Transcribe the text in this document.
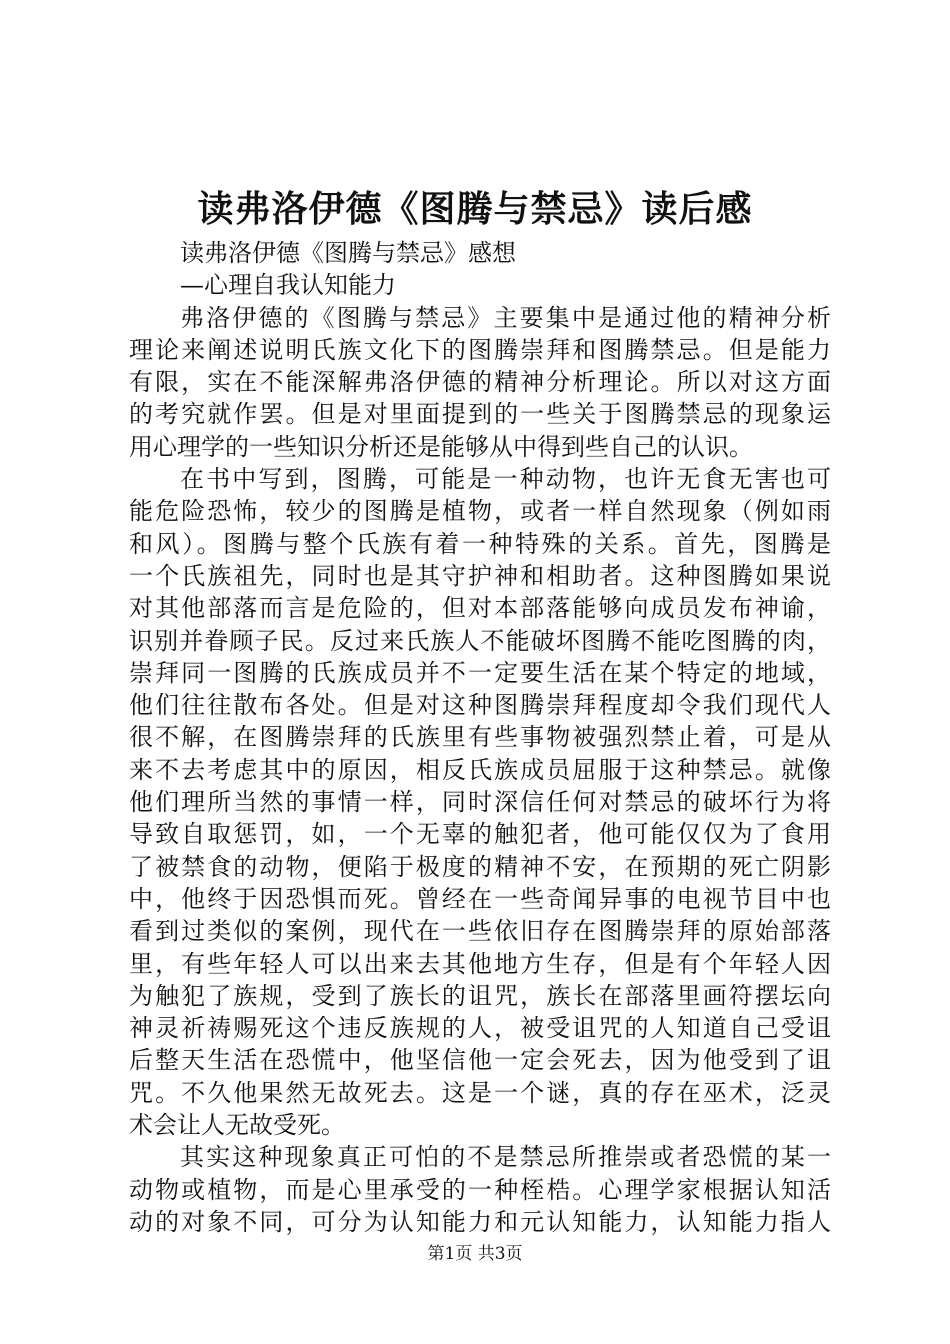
读弗洛伊德《图腾与禁忌》读后感
读弗洛伊德《图腾与禁忌》感想
—心理自我认知能力
弗洛伊德的《图腾与禁忌》主要集中是通过他的精神分析
理论来阐述说明氏族文化下的图腾崇拜和图腾禁忌。但是能力
有限，实在不能深解弗洛伊德的精神分析理论。所以对这方面
的考究就作罢。但是对里面提到的一些关于图腾禁忌的现象运
用心理学的一些知识分析还是能够从中得到些自己的认识。
在书中写到，图腾，可能是一种动物，也许无食无害也可
能危险恐怖，较少的图腾是植物，或者一样自然现象（例如雨
和风）。图腾与整个氏族有着一种特殊的关系。首先，图腾是
一个氏族祖先，同时也是其守护神和相助者。这种图腾如果说
对其他部落而言是危险的，但对本部落能够向成员发布神谕，
识别并眷顾子民。反过来氏族人不能破坏图腾不能吃图腾的肉，
崇拜同一图腾的氏族成员并不一定要生活在某个特定的地域，
他们往往散布各处。但是对这种图腾崇拜程度却令我们现代人
很不解，在图腾崇拜的氏族里有些事物被强烈禁止着，可是从
来不去考虑其中的原因，相反氏族成员屈服于这种禁忌。就像
他们理所当然的事情一样，同时深信任何对禁忌的破坏行为将
导致自取惩罚，如，一个无辜的触犯者，他可能仅仅为了食用
了被禁食的动物，便陷于极度的精神不安，在预期的死亡阴影
中，他终于因恐惧而死。曾经在一些奇闻异事的电视节目中也
看到过类似的案例，现代在一些依旧存在图腾崇拜的原始部落
里，有些年轻人可以出来去其他地方生存，但是有个年轻人因
为触犯了族规，受到了族长的诅咒，族长在部落里画符摆坛向
神灵祈祷赐死这个违反族规的人，被受诅咒的人知道自己受诅
后整天生活在恐慌中，他坚信他一定会死去，因为他受到了诅
咒。不久他果然无故死去。这是一个谜，真的存在巫术，泛灵
术会让人无故受死。
其实这种现象真正可怕的不是禁忌所推崇或者恐慌的某一
动物或植物，而是心里承受的一种桎梏。心理学家根据认知活
动的对象不同，可分为认知能力和元认知能力，认知能力指人
第1页 共3页
